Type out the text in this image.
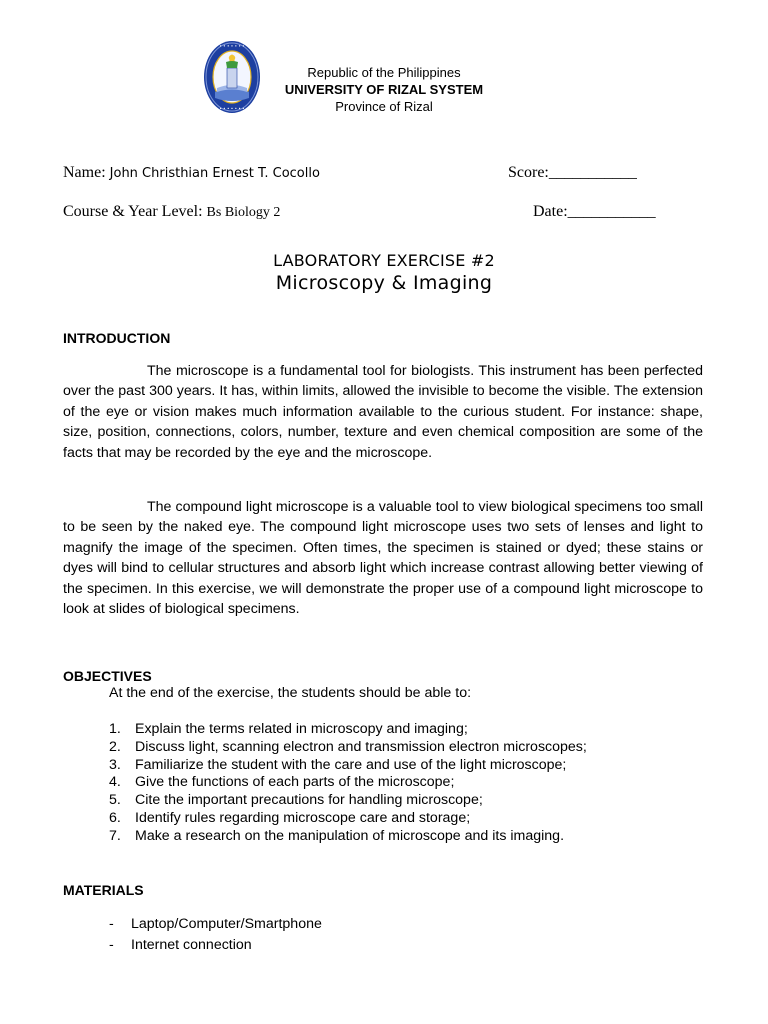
• • • • • • •
• • • • • • •
Republic of the Philippines
UNIVERSITY OF RIZAL SYSTEM
Province of Rizal
Name: John Christhian Ernest T. Cocollo	Score:___________
Course & Year Level: Bs Biology 2	Date:___________
LABORATORY EXERCISE #2
Microscopy & Imaging
INTRODUCTION
The microscope is a fundamental tool for biologists. This instrument has been perfected over the past 300 years. It has, within limits, allowed the invisible to become the visible. The extension of the eye or vision makes much information available to the curious student. For instance: shape, size, position, connections, colors, number, texture and even chemical composition are some of the facts that may be recorded by the eye and the microscope.
The compound light microscope is a valuable tool to view biological specimens too small to be seen by the naked eye. The compound light microscope uses two sets of lenses and light to magnify the image of the specimen. Often times, the specimen is stained or dyed; these stains or dyes will bind to cellular structures and absorb light which increase contrast allowing better viewing of the specimen. In this exercise, we will demonstrate the proper use of a compound light microscope to look at slides of biological specimens.
OBJECTIVES
At the end of the exercise, the students should be able to:
1. Explain the terms related in microscopy and imaging;
2. Discuss light, scanning electron and transmission electron microscopes;
3. Familiarize the student with the care and use of the light microscope;
4. Give the functions of each parts of the microscope;
5. Cite the important precautions for handling microscope;
6. Identify rules regarding microscope care and storage;
7. Make a research on the manipulation of microscope and its imaging.
MATERIALS
- Laptop/Computer/Smartphone
- Internet connection
